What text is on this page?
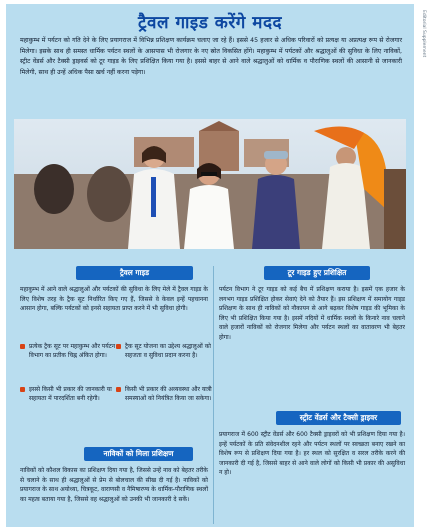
ट्रैवल गाइड करेंगे मदद
महाकुम्भ में पर्यटन को गति देने के लिए प्रयागराज में विभिन्न प्रशिक्षण कार्यक्रम चलाए जा रहे हैं। इससे 45 हजार से अधिक परिवारों को प्रत्यक्ष या अप्रत्यक्ष रूप से रोजगार मिलेगा। इसके साथ ही समस्त धार्मिक पर्यटन स्थलों के आसपास भी रोजगार के नए स्रोत विकसित होंगे। महाकुम्भ में पर्यटकों और श्रद्धालुओं की सुविधा के लिए नाविकों, स्ट्रीट वेंडर्स और टैक्सी ड्राइवर्स को टूर गाइड के लिए प्रशिक्षित किया गया है। इससे बाहर से आने वाले श्रद्धालुओं को धार्मिक व पौराणिक स्थलों की आसानी से जानकारी मिलेगी, साथ ही उन्हें अधिक पैसा खर्च नहीं करना पड़ेगा।
ट्रैवल गाइड
महाकुम्भ में आने वाले श्रद्धालुओं और पर्यटकों की सुविधा के लिए मेले में ट्रैवल गाइड के लिए विशेष तरह के ट्रैक सूट निर्धारित किए गए हैं, जिससे वे केवल इन्हें पहचानना आसान होगा, बल्कि पर्यटकों को इनसे सहायता प्राप्त करने में भी सुविधा होगी।
प्रत्येक ट्रैक सूट पर महाकुम्भ और पर्यटन विभाग का प्रतीक चिह्न अंकित होगा।
ट्रैक सूट योजना का उद्देश्य श्रद्धालुओं को सहजता व सुविधा प्रदान करना है।
इससे किसी भी प्रकार की जानकारी या सहायता में पारदर्शिता बनी रहेगी।
किसी भी प्रकार की अव्यवस्था और यात्री समस्याओं को नियंत्रित किया जा सकेगा।
नाविकों को मिला प्रशिक्षण
नाविकों को कौशल विकास का प्रशिक्षण दिया गया है, जिससे उन्हें नाव को बेहतर तरीके से चलाने के साथ ही श्रद्धालुओं से प्रेम से बोलचाल की सीख दी गई है। नाविकों को प्रयागराज के साथ अयोध्या, चित्रकूट, वाराणसी व नैमिषारण्य के धार्मिक-पौराणिक स्थलों का महत्व बताया गया है, जिससे वह श्रद्धालुओं को उनकी भी जानकारी दे सकें।
टूर गाइड हुए प्रशिक्षित
पर्यटन विभाग ने टूर गाइड को कई बैच में प्रशिक्षण कराया है। इसमें एक हजार के लगभग गाइड प्रशिक्षित होकर सेवाएं देने को तैयार हैं। इस प्रशिक्षण में समायोग गाइड प्रशिक्षण के साथ ही नाविकों को नौकायन से आगे बढ़कर विशेष गाइड की भूमिका के लिए भी प्रशिक्षित किया गया है। इसमें नदियों में धार्मिक स्थलों के किनारे नाव चलाने वाले हजारों नाविकों को रोजगार मिलेगा और पर्यटन स्थलों का वातावरण भी बेहतर होगा।
स्ट्रीट वेंडर्स और टैक्सी ड्राइवर
प्रयागराज में 600 स्ट्रीट वेंडर्स और 600 टैक्सी ड्राइवरों को भी प्रशिक्षण दिया गया है। इन्हें पर्यटकों के प्रति संवेदनशील रहने और पर्यटन स्थलों पर स्वच्छता बनाए रखने का विशेष रूप से प्रशिक्षण दिया गया है। हर स्थल को सुरक्षित व सरल तरीके करने की जानकारी दी गई है, जिससे बाहर से आने वाले लोगों को किसी भी प्रकार की असुविधा न हो।
Editorial Supplement
